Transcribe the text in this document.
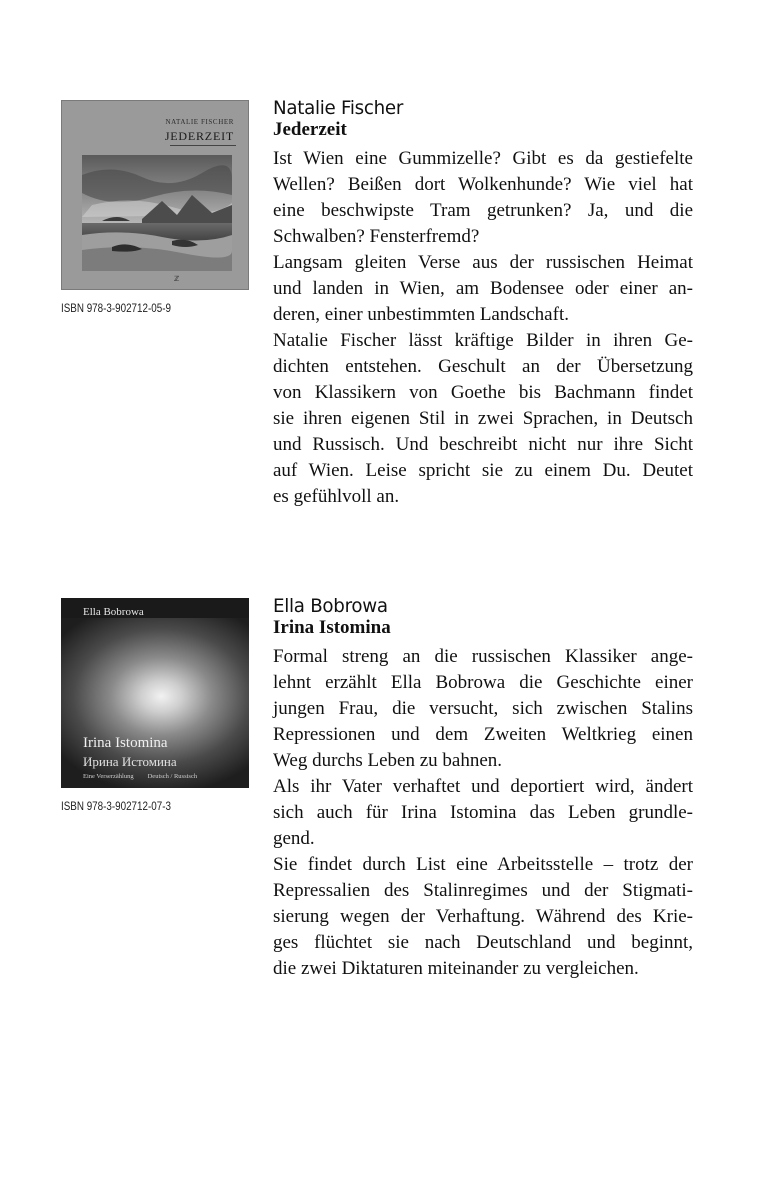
NATALIE FISCHER
JEDERZEIT
ℤ
ISBN 978-3-902712-05-9
Natalie Fischer
Jederzeit

Ist Wien eine Gummizelle? Gibt es da gestiefelte
Wellen? Beißen dort Wolkenhunde? Wie viel hat
eine beschwipste Tram getrunken? Ja, und die
Schwalben? Fensterfremd?

Langsam gleiten Verse aus der russischen Heimat
und landen in Wien, am Bodensee oder einer an-
deren, einer unbestimmten Landschaft.

Natalie Fischer lässt kräftige Bilder in ihren Ge-
dichten entstehen. Geschult an der Übersetzung
von Klassikern von Goethe bis Bachmann findet
sie ihren eigenen Stil in zwei Sprachen, in Deutsch
und Russisch. Und beschreibt nicht nur ihre Sicht
auf Wien. Leise spricht sie zu einem Du. Deutet
es gefühlvoll an.

Ella Bobrowa
Irina Istomina
Ирина Истомина
Eine Verserzählung Deutsch / Russisch
ISBN 978-3-902712-07-3
Ella Bobrowa
Irina Istomina

Formal streng an die russischen Klassiker ange-
lehnt erzählt Ella Bobrowa die Geschichte einer
jungen Frau, die versucht, sich zwischen Stalins
Repressionen und dem Zweiten Weltkrieg einen
Weg durchs Leben zu bahnen.

Als ihr Vater verhaftet und deportiert wird, ändert
sich auch für Irina Istomina das Leben grundle-
gend.

Sie findet durch List eine Arbeitsstelle – trotz der
Repressalien des Stalinregimes und der Stigmati-
sierung wegen der Verhaftung. Während des Krie-
ges flüchtet sie nach Deutschland und beginnt,
die zwei Diktaturen miteinander zu vergleichen.
